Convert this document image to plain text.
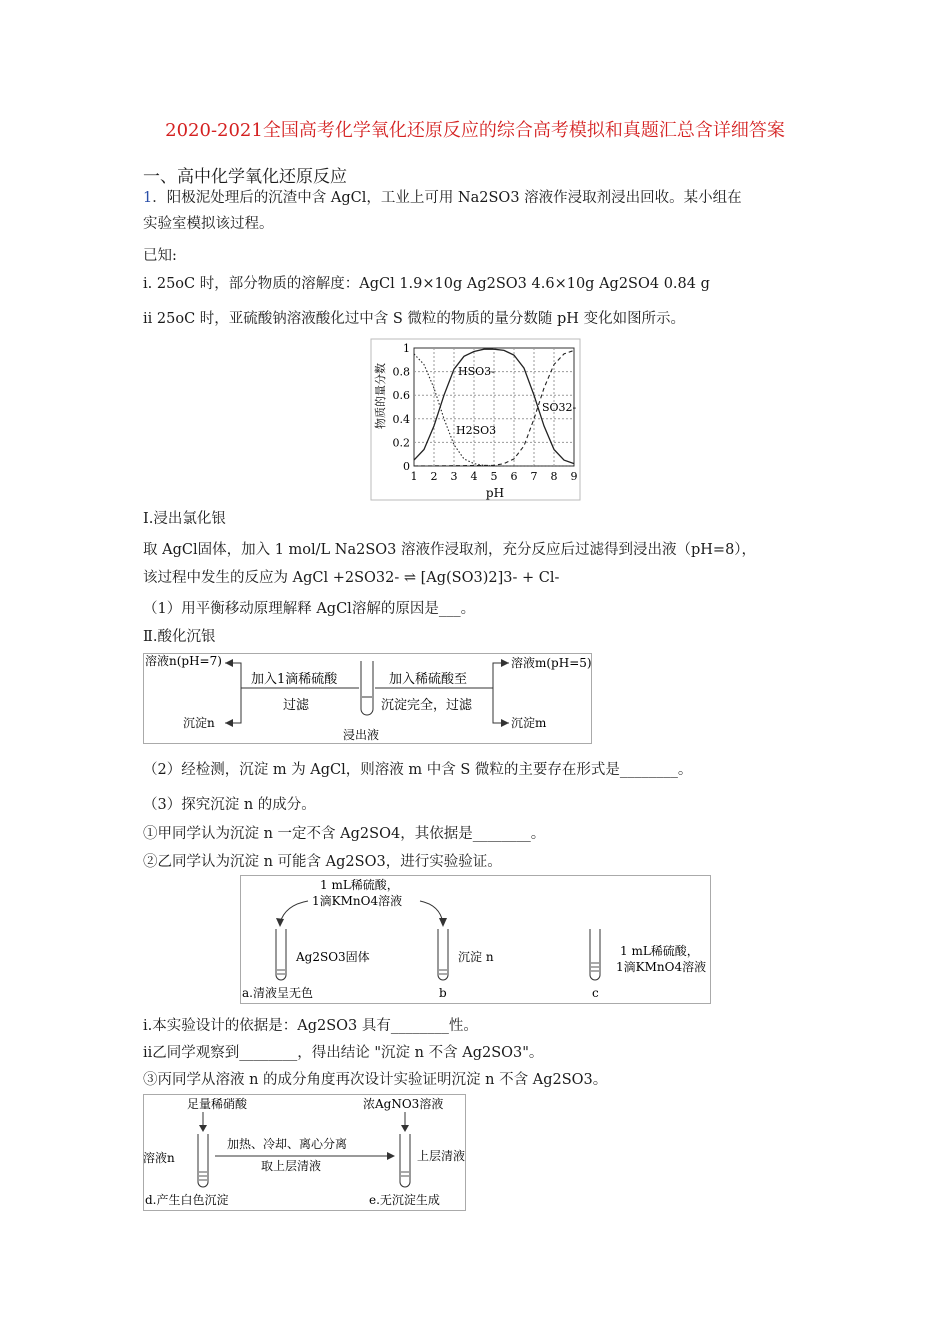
2020-2021全国高考化学氧化还原反应的综合高考模拟和真题汇总含详细答案
一、高中化学氧化还原反应
1．阳极泥处理后的沉渣中含 AgCl，工业上可用 Na2SO3 溶液作浸取剂浸出回收。某小组在
实验室模拟该过程。
已知:
i. 25oC 时，部分物质的溶解度：AgCl 1.9×10g Ag2SO3 4.6×10g Ag2SO4 0.84 g
ii 25oC 时，亚硫酸钠溶液酸化过中含 S 微粒的物质的量分数随 pH 变化如图所示。
物质的量分数
pH
1 2 3 4 5 6 7 8 9
0
0.2
0.4
0.6
0.8
1
HSO3-
SO32-
H2SO3
Ⅰ.浸出氯化银
取 AgCl固体，加入 1 mol/L Na2SO3 溶液作浸取剂，充分反应后过滤得到浸出液（pH=8），
该过程中发生的反应为 AgCl +2SO32- ⇌ [Ag(SO3)2]3- + Cl-
（1）用平衡移动原理解释 AgCl溶解的原因是___。
Ⅱ.酸化沉银
溶液n(pH=7)
沉淀n
加入1滴稀硫酸
过滤
浸出液
加入稀硫酸至
沉淀完全，过滤
溶液m(pH=5)
沉淀m
（2）经检测，沉淀 m 为 AgCl，则溶液 m 中含 S 微粒的主要存在形式是________。
（3）探究沉淀 n 的成分。
①甲同学认为沉淀 n 一定不含 Ag2SO4，其依据是________。
②乙同学认为沉淀 n 可能含 Ag2SO3，进行实验验证。
1 mL稀硫酸，
1滴KMnO4溶液
Ag2SO3固体	沉淀 n	1 mL稀硫酸，
1滴KMnO4溶液
a.清液呈无色	b	c
i.本实验设计的依据是：Ag2SO3 具有________性。
ii乙同学观察到________，得出结论 "沉淀 n 不含 Ag2SO3"。
③丙同学从溶液 n 的成分角度再次设计实验证明沉淀 n 不含 Ag2SO3。
足量稀硝酸
溶液n
加热、冷却、离心分离
取上层清液
浓AgNO3溶液
上层清液
d.产生白色沉淀	e.无沉淀生成
